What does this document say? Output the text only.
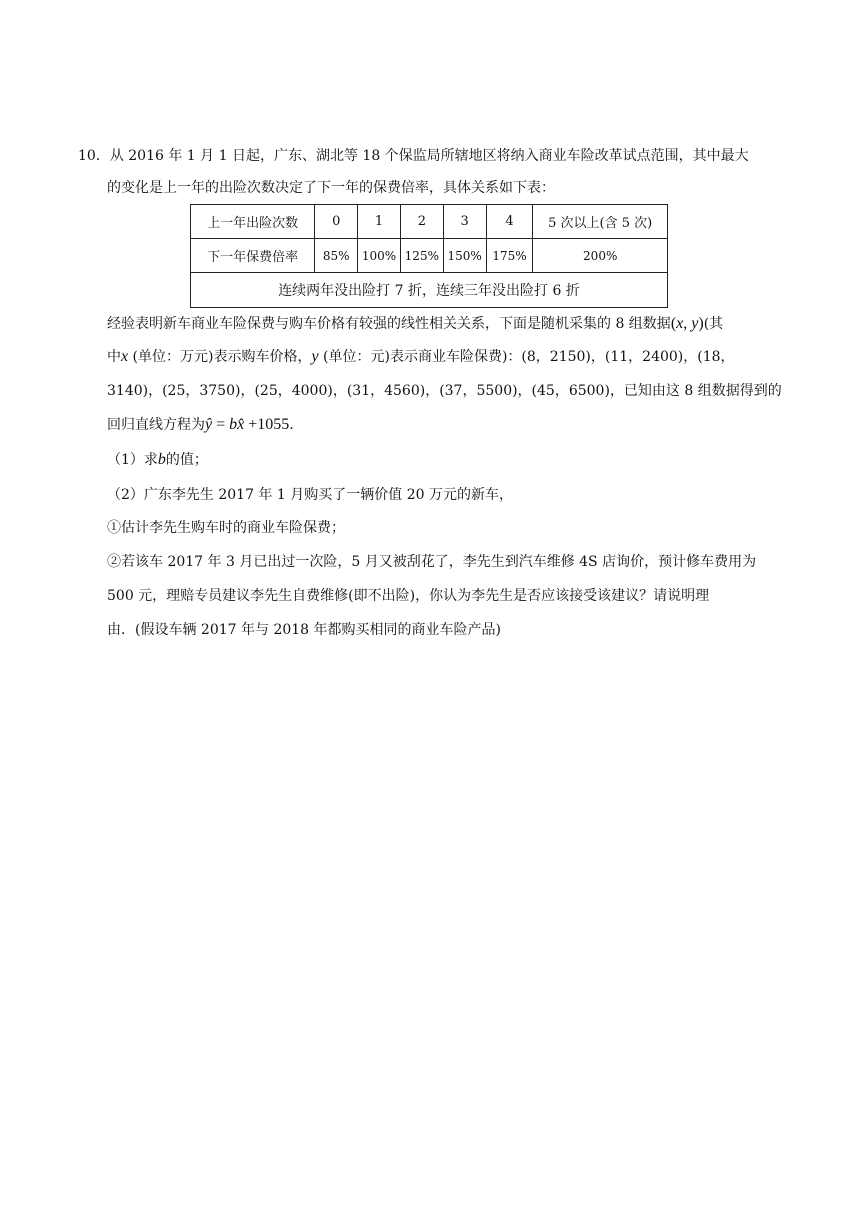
10．从 2016 年 1 月 1 日起，广东、湖北等 18 个保监局所辖地区将纳入商业车险改革试点范围，其中最大
的变化是上一年的出险次数决定了下一年的保费倍率，具体关系如下表：
上一年出险次数	0	1	2	3	4	5 次以上(含 5 次)
下一年保费倍率	85%	100%	125%	150%	175%	200%
连续两年没出险打 7 折，连续三年没出险打 6 折						
经验表明新车商业车险保费与购车价格有较强的线性相关关系，下面是随机采集的 8 组数据(x, y)(其
中x (单位：万元)表示购车价格，y (单位：元)表示商业车险保费)：(8，2150)，(11，2400)，(18，
3140)，(25，3750)，(25，4000)，(31，4560)，(37，5500)，(45，6500)，已知由这 8 组数据得到的
回归直线方程为ŷ = bx̂ +1055．
（1）求b的值；
（2）广东李先生 2017 年 1 月购买了一辆价值 20 万元的新车，
①估计李先生购车时的商业车险保费；
②若该车 2017 年 3 月已出过一次险，5 月又被刮花了，李先生到汽车维修 4S 店询价，预计修车费用为
500 元，理赔专员建议李先生自费维修(即不出险)，你认为李先生是否应该接受该建议？请说明理
由．(假设车辆 2017 年与 2018 年都购买相同的商业车险产品)
